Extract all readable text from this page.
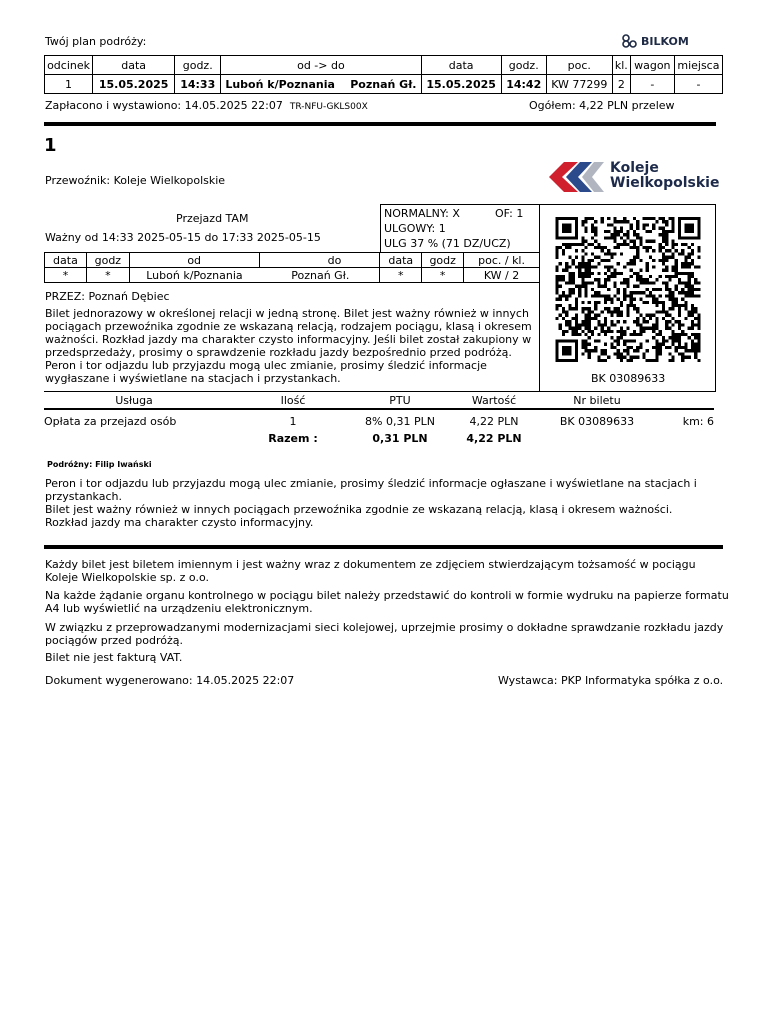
Twój plan podróży:	BILKOM
odcinek	data	godz.	od -> do	data	godz.	poc.	kl.	wagon	miejsca
1	15.05.2025	14:33	Luboń k/Poznania Poznań Gł.	15.05.2025	14:42	KW 77299	2	-	-
Zapłacono i wystawiono: 14.05.2025 22:07 TR-NFU-GKLS00X	Ogółem: 4,22 PLN przelew
1
Przewoźnik: Koleje Wielkopolskie
Koleje
Wielkopolskie
Przejazd TAM
Ważny od 14:33 2025-05-15 do 17:33 2025-05-15
NORMALNY: X	OF: 1
ULGOWY: 1
ULG 37 % (71 DZ/UCZ)
data	godz	od	do	data	godz	poc. / kl.
*	*	Luboń k/Poznania	Poznań Gł.	*	*	KW / 2
PRZEZ: Poznań Dębiec
Bilet jednorazowy w określonej relacji w jedną stronę. Bilet jest ważny również w innych
pociągach przewoźnika zgodnie ze wskazaną relacją, rodzajem pociągu, klasą i okresem
ważności. Rozkład jazdy ma charakter czysto informacyjny. Jeśli bilet został zakupiony w
przedsprzedaży, prosimy o sprawdzenie rozkładu jazdy bezpośrednio przed podróżą.
Peron i tor odjazdu lub przyjazdu mogą ulec zmianie, prosimy śledzić informacje
wygłaszane i wyświetlane na stacjach i przystankach.	BK 03089633
Usługa	Ilość	PTU	Wartość	Nr biletu	
Opłata za przejazd osób	1	8% 0,31 PLN	4,22 PLN	BK 03089633	km: 6
	Razem :	0,31 PLN	4,22 PLN		
Podróżny: Filip Iwański
Peron i tor odjazdu lub przyjazdu mogą ulec zmianie, prosimy śledzić informacje ogłaszane i wyświetlane na stacjach i
przystankach.
Bilet jest ważny również w innych pociągach przewoźnika zgodnie ze wskazaną relacją, klasą i okresem ważności.
Rozkład jazdy ma charakter czysto informacyjny.
Każdy bilet jest biletem imiennym i jest ważny wraz z dokumentem ze zdjęciem stwierdzającym tożsamość w pociągu
Koleje Wielkopolskie sp. z o.o.
Na każde żądanie organu kontrolnego w pociągu bilet należy przedstawić do kontroli w formie wydruku na papierze formatu
A4 lub wyświetlić na urządzeniu elektronicznym.
W związku z przeprowadzanymi modernizacjami sieci kolejowej, uprzejmie prosimy o dokładne sprawdzanie rozkładu jazdy
pociągów przed podróżą.
Bilet nie jest fakturą VAT.
Dokument wygenerowano: 14.05.2025 22:07	Wystawca: PKP Informatyka spółka z o.o.
